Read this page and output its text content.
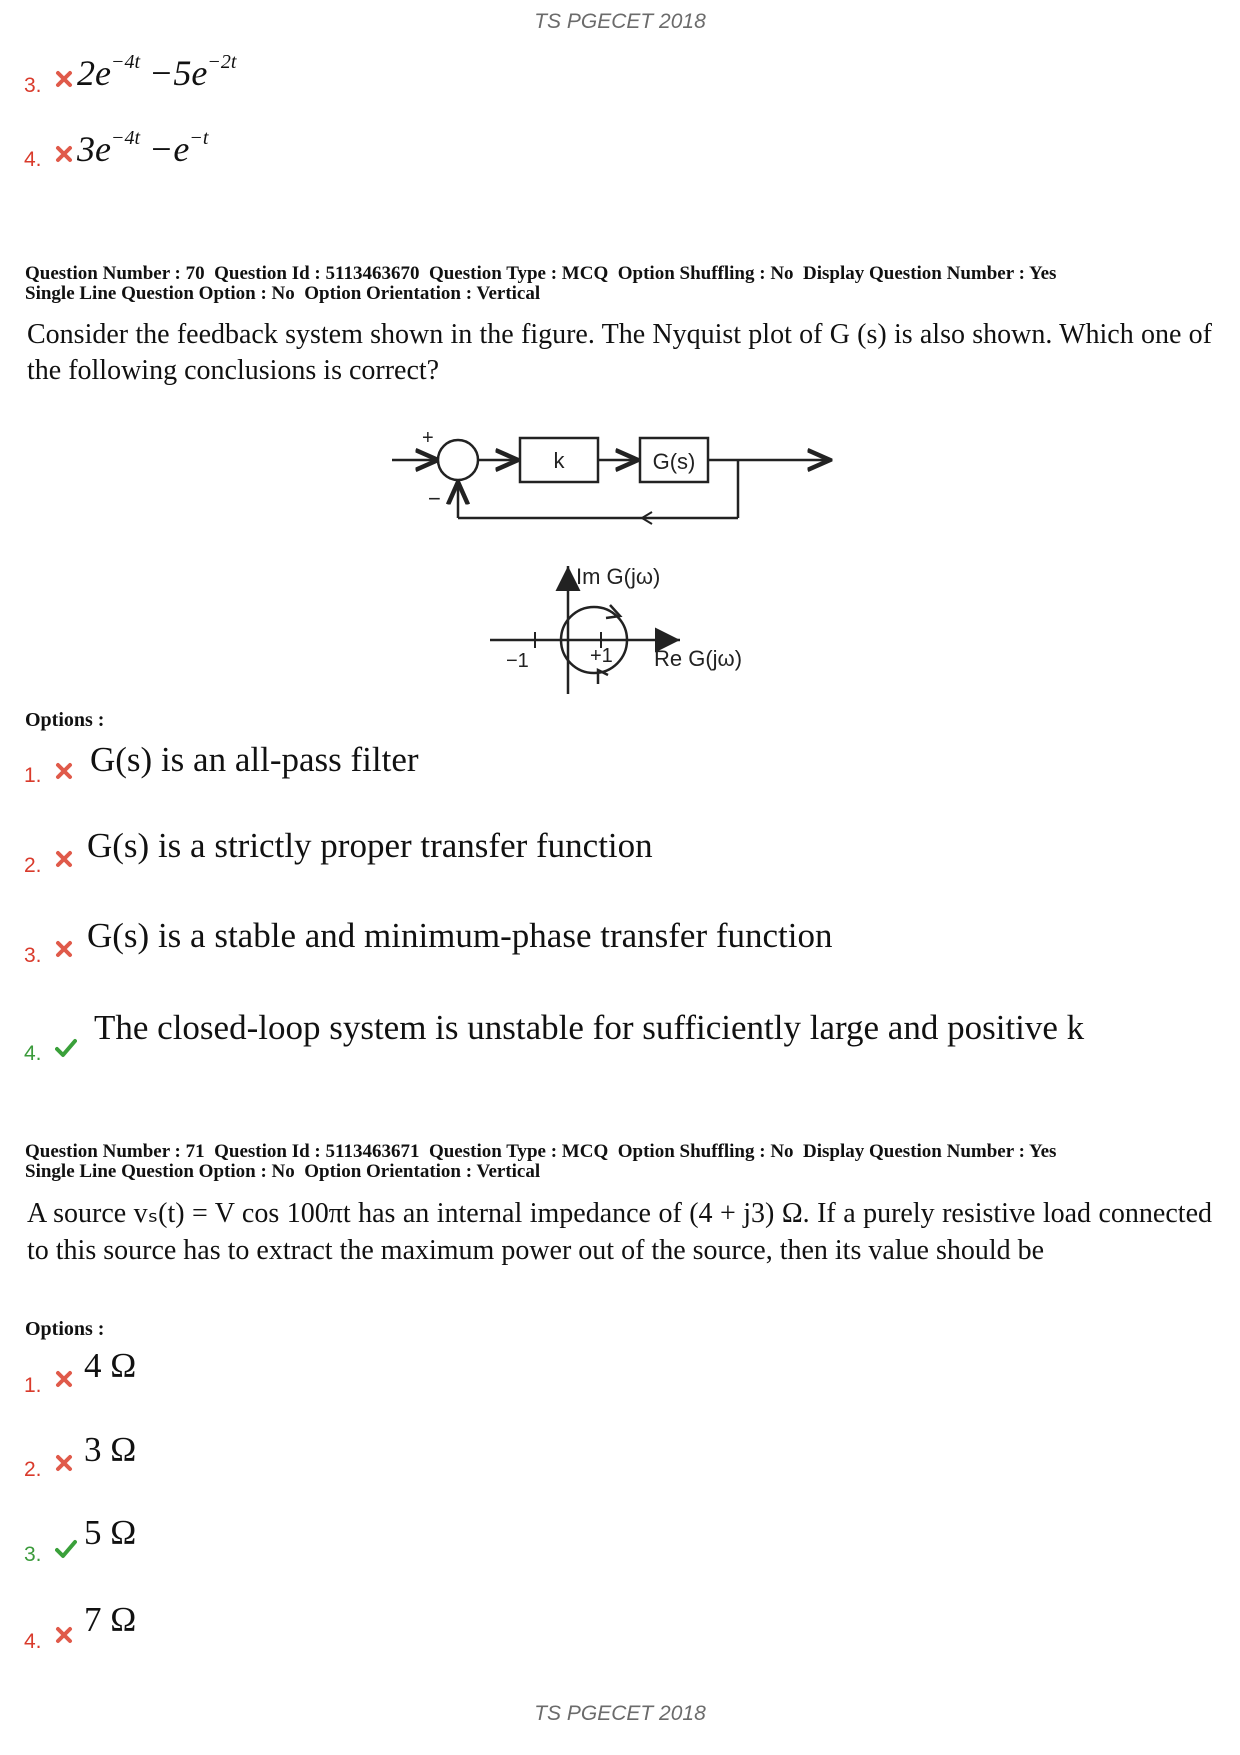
TS PGECET 2018
3. $2e^{-4t} -5e^{-2t}$
4. $3e^{-4t} -e^{-t}$
Question Number : 70  Question Id : 5113463670  Question Type : MCQ  Option Shuffling : No  Display Question Number : Yes
Single Line Question Option : No  Option Orientation : Vertical
Consider the feedback system shown in the figure. The Nyquist plot of G (s) is also shown. Which one of the following conclusions is correct?
+
−
k	G(s)
Im G(jω)
Re G(jω)
−1	+1
Options :
1. G(s) is an all-pass filter
2.
G(s) is a strictly proper transfer function
3.
G(s) is a stable and minimum-phase transfer function
4.
The closed-loop system is unstable for sufficiently large and positive k
Question Number : 71  Question Id : 5113463671  Question Type : MCQ  Option Shuffling : No  Display Question Number : Yes
Single Line Question Option : No  Option Orientation : Vertical
A source vₛ(t) = V cos 100πt has an internal impedance of (4 + j3) Ω. If a purely resistive load connected to this source has to extract the maximum power out of the source, then its value should be
Options :
1.
4 Ω
2.
3 Ω
3.
5 Ω
4.
7 Ω
TS PGECET 2018
